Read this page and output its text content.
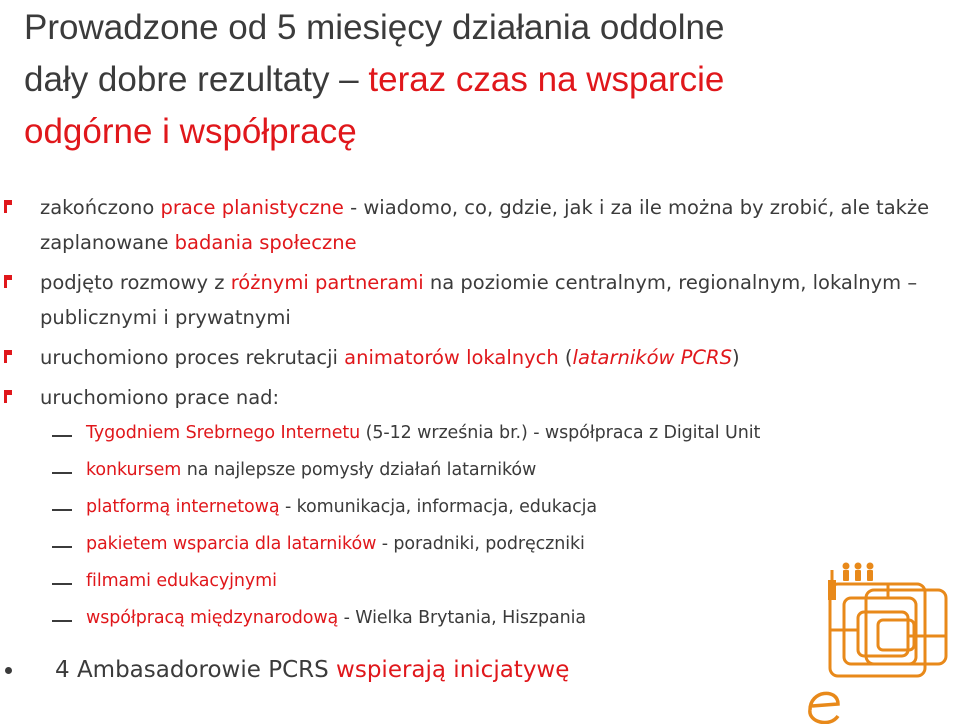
Prowadzone od 5 miesięcy działania oddolne
dały dobre rezultaty – teraz czas na wsparcie
odgórne i współpracę
zakończono prace planistyczne - wiadomo, co, gdzie, jak i za ile można by zrobić, ale także zaplanowane badania społeczne
podjęto rozmowy z różnymi partnerami na poziomie centralnym, regionalnym, lokalnym – publicznymi i prywatnymi
uruchomiono proces rekrutacji animatorów lokalnych (latarników PCRS)
uruchomiono prace nad:
Tygodniem Srebrnego Internetu (5-12 września br.) - współpraca z Digital Unit
konkursem na najlepsze pomysły działań latarników
platformą internetową - komunikacja, informacja, edukacja
pakietem wsparcia dla latarników - poradniki, podręczniki
filmami edukacyjnymi
współpracą międzynarodową - Wielka Brytania, Hiszpania
4 Ambasadorowie PCRS wspierają inicjatywę
